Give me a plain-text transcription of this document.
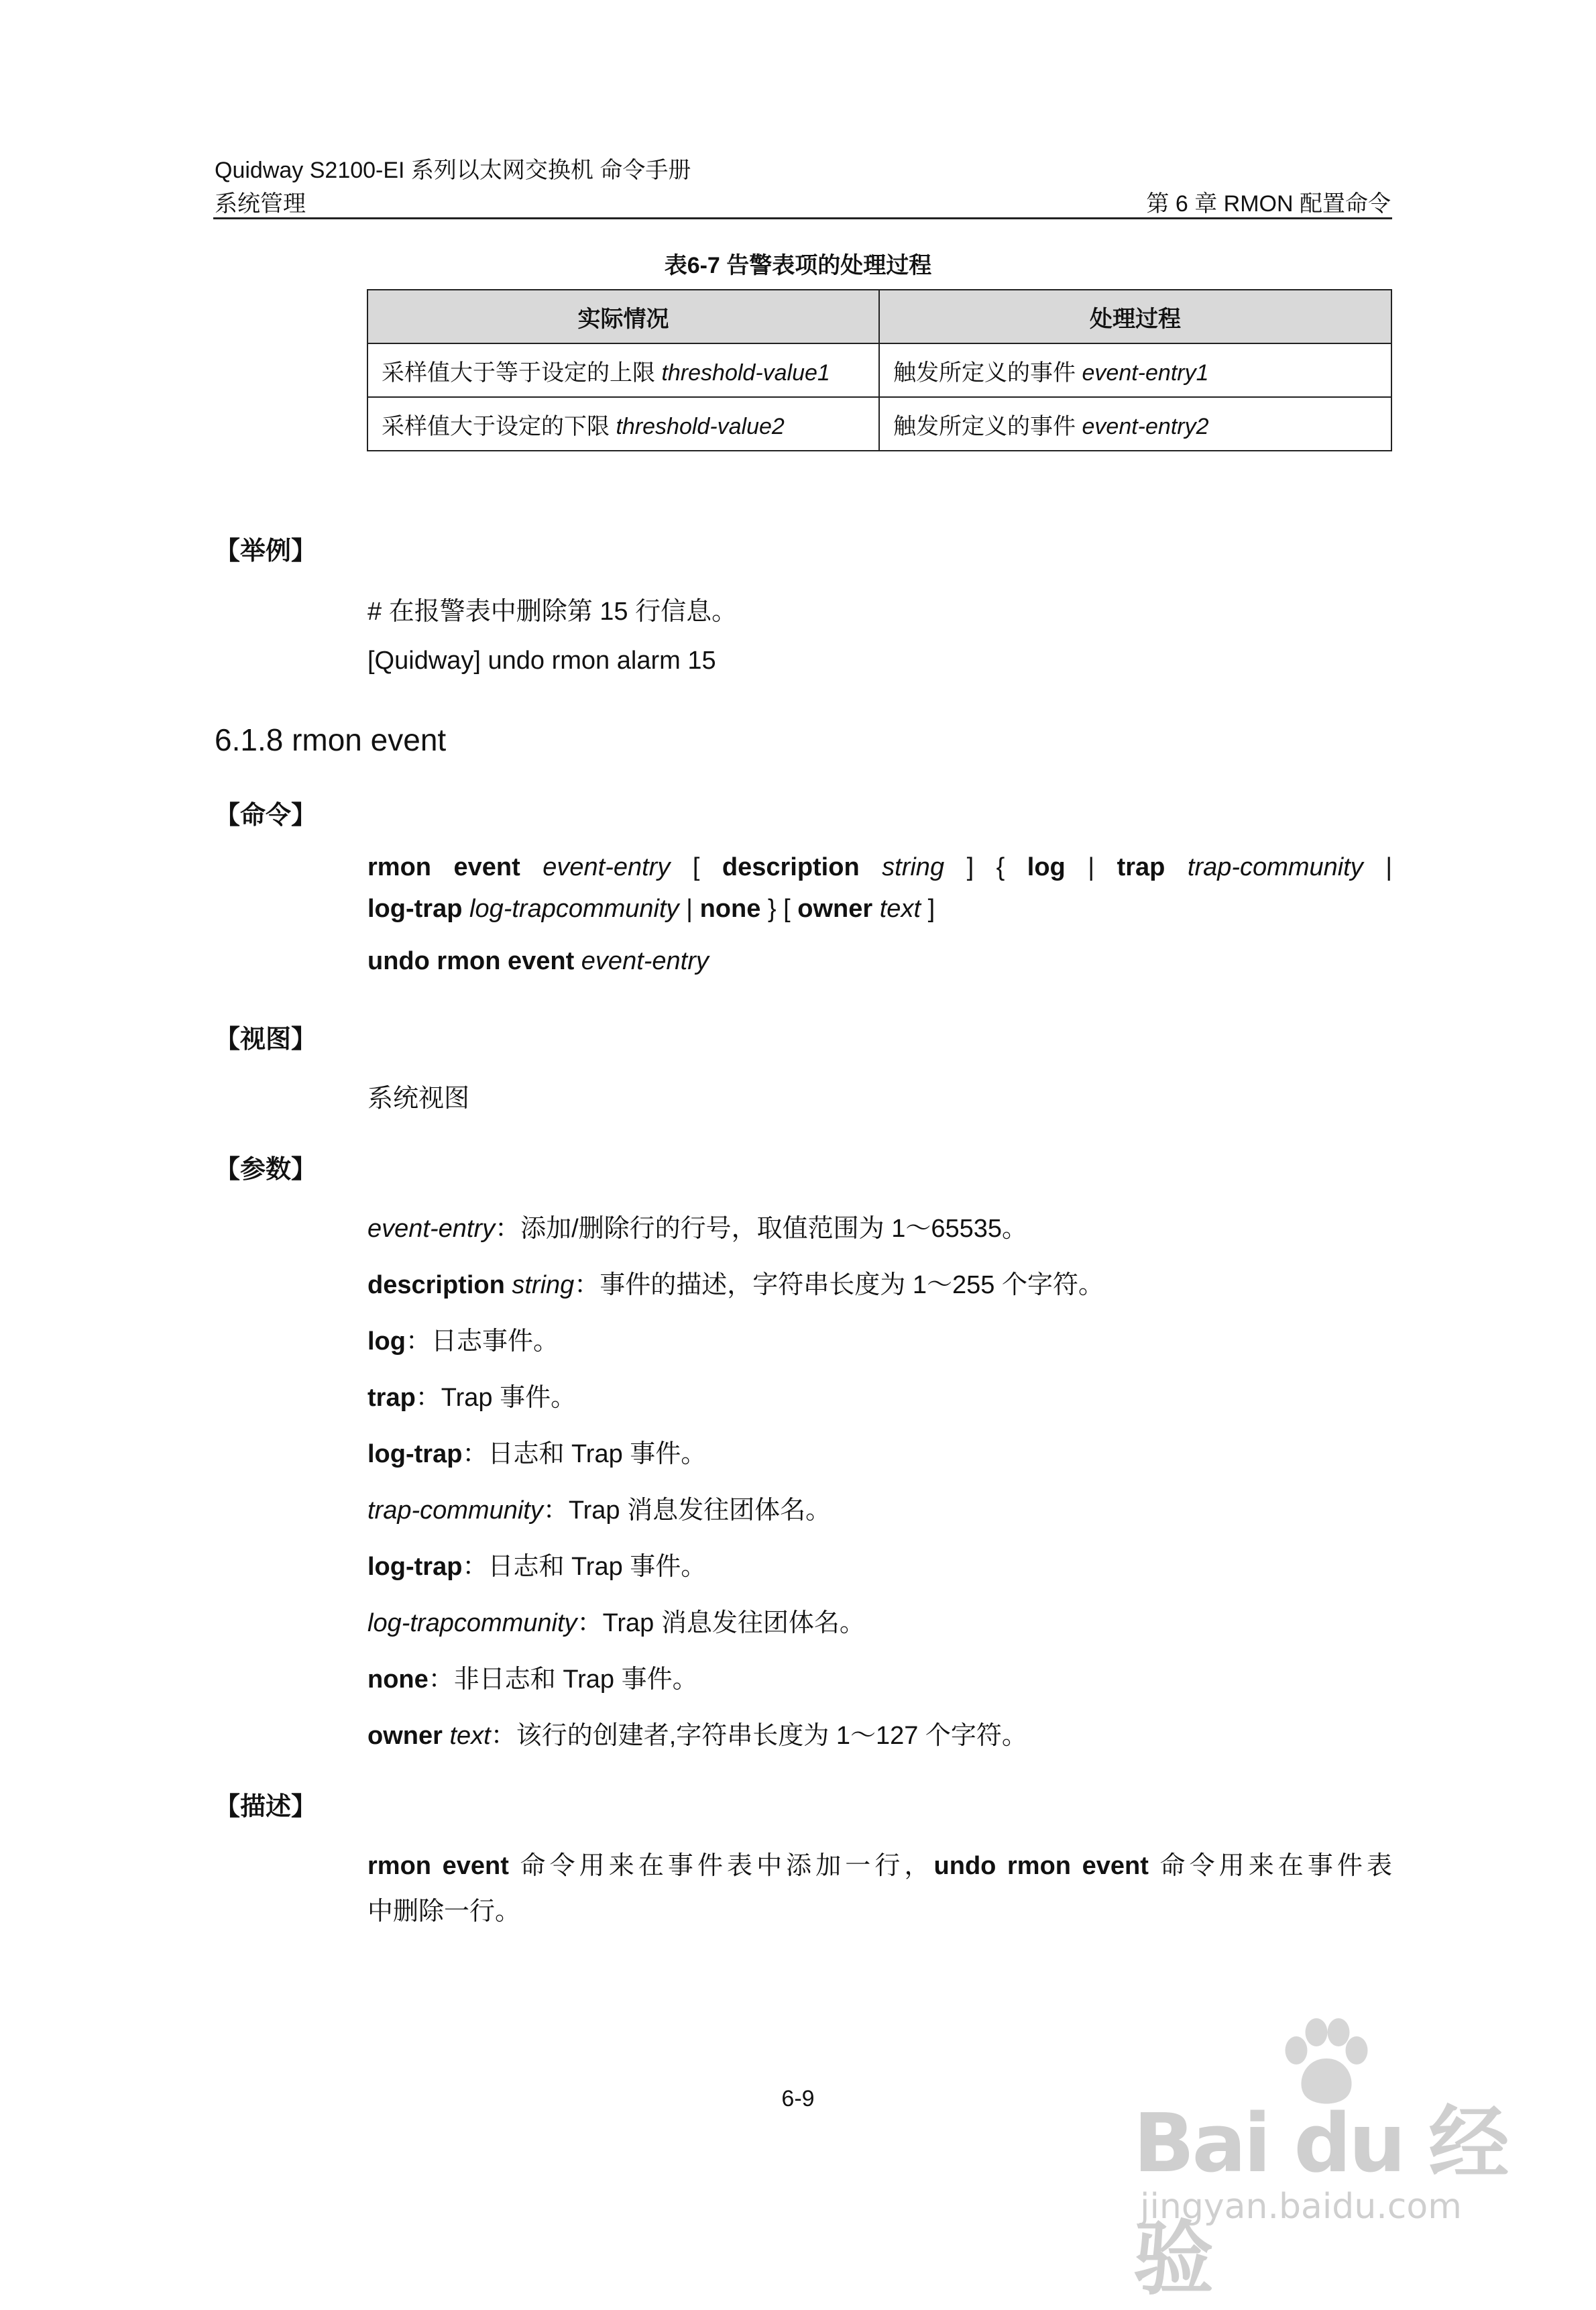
Quidway S2100-EI 系列以太网交换机 命令手册
系统管理	第 6 章 RMON 配置命令
表6-7 告警表项的处理过程
实际情况	处理过程
采样值大于等于设定的上限 threshold-value1	触发所定义的事件 event-entry1
采样值大于设定的下限 threshold-value2	触发所定义的事件 event-entry2
【举例】
# 在报警表中删除第 15 行信息。
[Quidway] undo rmon alarm 15
6.1.8 rmon event
【命令】
rmon event event-entry [ description string ] { log | trap trap-community |
log-trap log-trapcommunity | none } [ owner text ]
undo rmon event event-entry
【视图】
系统视图
【参数】
event-entry：添加/删除行的行号，取值范围为 1～65535。
description string：事件的描述，字符串长度为 1～255 个字符。
log：日志事件。
trap：Trap 事件。
log-trap：日志和 Trap 事件。
trap-community：Trap 消息发往团体名。
log-trap：日志和 Trap 事件。
log-trapcommunity：Trap 消息发往团体名。
none：非日志和 Trap 事件。
owner text：该行的创建者,字符串长度为 1～127 个字符。
【描述】
rmon event 命令用来在事件表中添加一行，undo rmon event 命令用来在事件表
中删除一行。
6-9	Bai du 经验
jingyan.baidu.com
